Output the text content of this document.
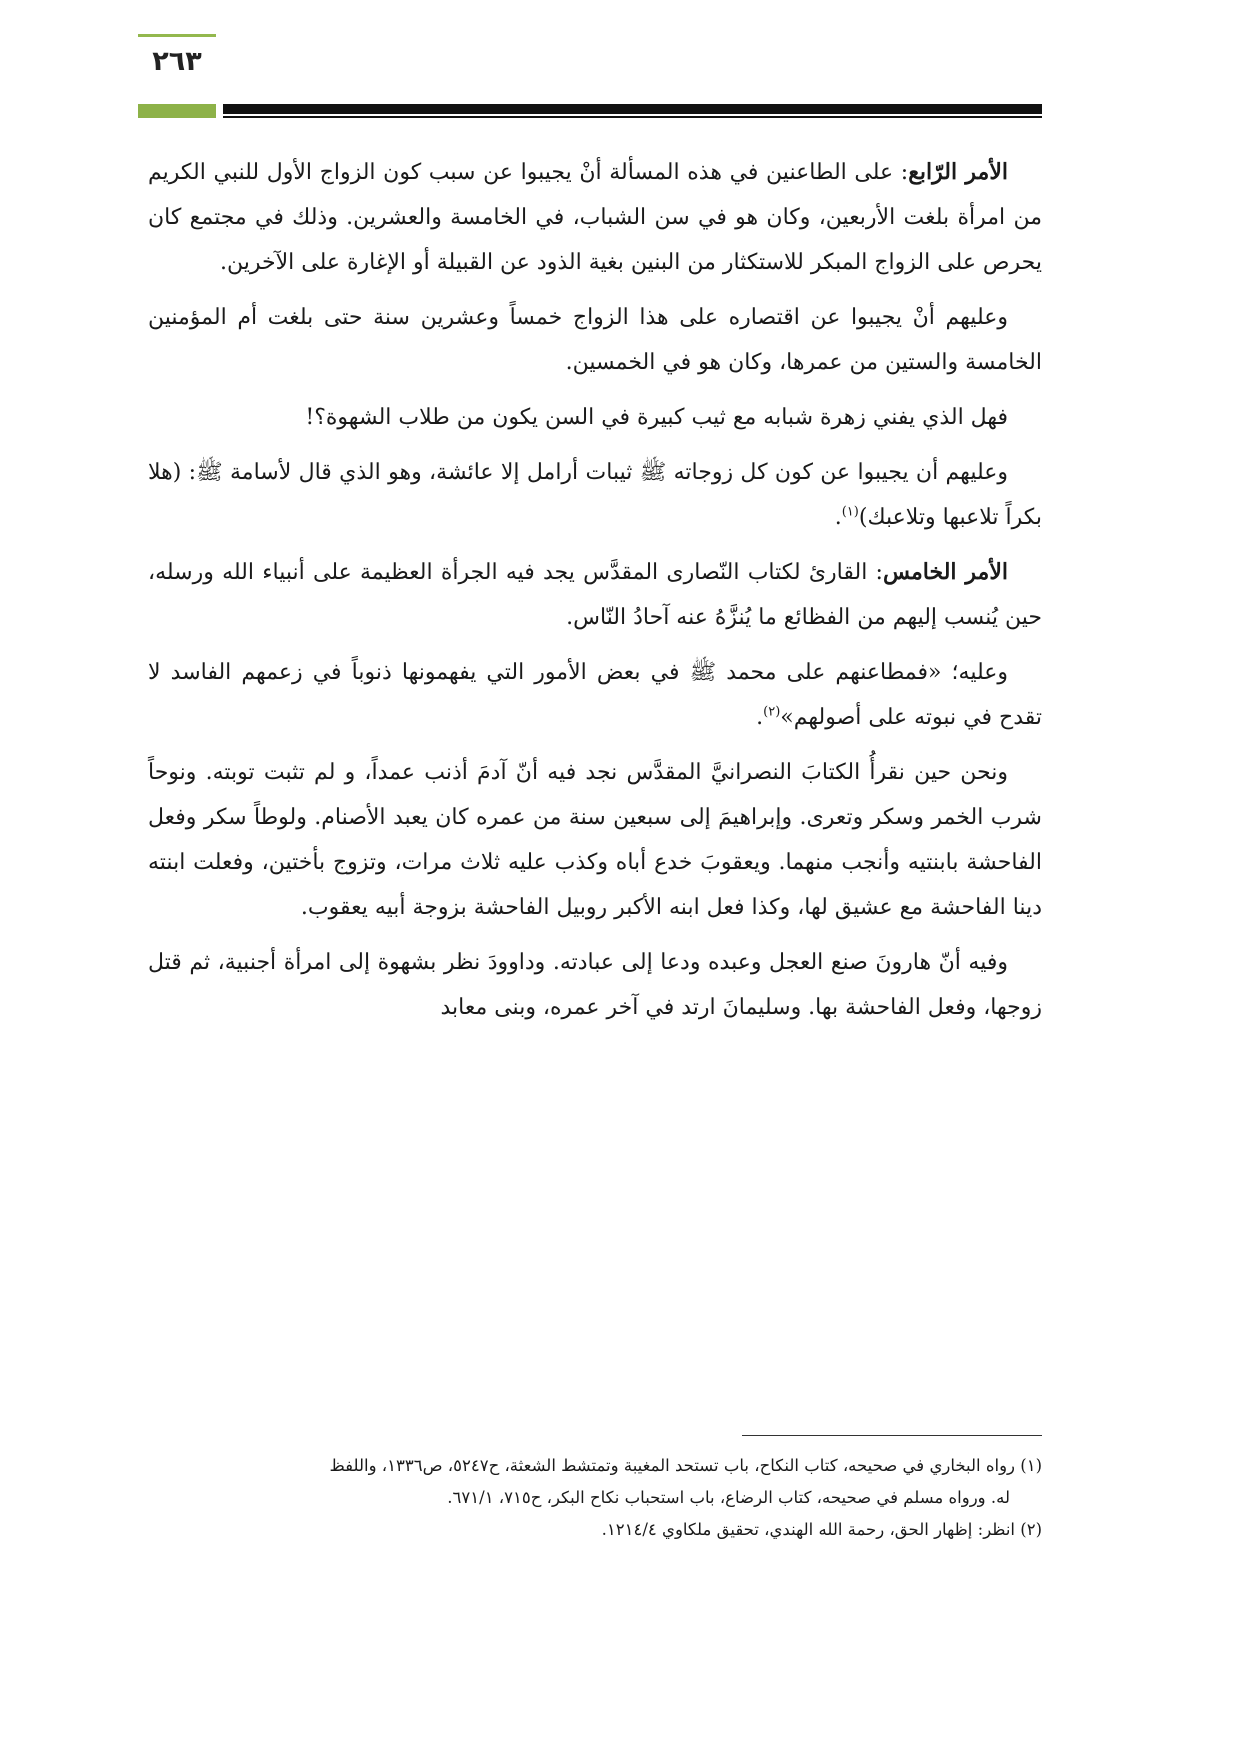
٢٦٣

الأمر الرّابع: على الطاعنين في هذه المسألة أنْ يجيبوا عن سبب كون الزواج الأول للنبي الكريم من امرأة بلغت الأربعين، وكان هو في سن الشباب، في الخامسة والعشرين. وذلك في مجتمع كان يحرص على الزواج المبكر للاستكثار من البنين بغية الذود عن القبيلة أو الإغارة على الآخرين.

وعليهم أنْ يجيبوا عن اقتصاره على هذا الزواج خمساً وعشرين سنة حتى بلغت أم المؤمنين الخامسة والستين من عمرها، وكان هو في الخمسين.

فهل الذي يفني زهرة شبابه مع ثيب كبيرة في السن يكون من طلاب الشهوة؟!

وعليهم أن يجيبوا عن كون كل زوجاته ﷺ ثيبات أرامل إلا عائشة، وهو الذي قال لأسامة ﷺ: (هلا بكراً تلاعبها وتلاعبك)$^{(١)}$.

الأمر الخامس: القارئ لكتاب النّصارى المقدَّس يجد فيه الجرأة العظيمة على أنبياء الله ورسله، حين يُنسب إليهم من الفظائع ما يُنزَّهُ عنه آحادُ النّاس.

وعليه؛ «فمطاعنهم على محمد ﷺ في بعض الأمور التي يفهمونها ذنوباً في زعمهم الفاسد لا تقدح في نبوته على أصولهم»$^{(٢)}$.

ونحن حين نقرأُ الكتابَ النصرانيَّ المقدَّس نجد فيه أنّ آدمَ أذنب عمداً، و لم تثبت توبته. ونوحاً شرب الخمر وسكر وتعرى. وإبراهيمَ إلى سبعين سنة من عمره كان يعبد الأصنام. ولوطاً سكر وفعل الفاحشة بابنتيه وأنجب منهما. ويعقوبَ خدع أباه وكذب عليه ثلاث مرات، وتزوج بأختين، وفعلت ابنته دينا الفاحشة مع عشيق لها، وكذا فعل ابنه الأكبر روبيل الفاحشة بزوجة أبيه يعقوب.

وفيه أنّ هارونَ صنع العجل وعبده ودعا إلى عبادته. وداوودَ نظر بشهوة إلى امرأة أجنبية، ثم قتل زوجها، وفعل الفاحشة بها. وسليمانَ ارتد في آخر عمره، وبنى معابد

(١) رواه البخاري في صحيحه، كتاب النكاح، باب تستحد المغيبة وتمتشط الشعثة، ح٥٢٤٧، ص١٣٣٦، واللفظ

له. ورواه مسلم في صحيحه، كتاب الرضاع، باب استحباب نكاح البكر، ح٧١٥، ٦٧١/١.

(٢) انظر: إظهار الحق، رحمة الله الهندي، تحقيق ملكاوي ١٢١٤/٤.
